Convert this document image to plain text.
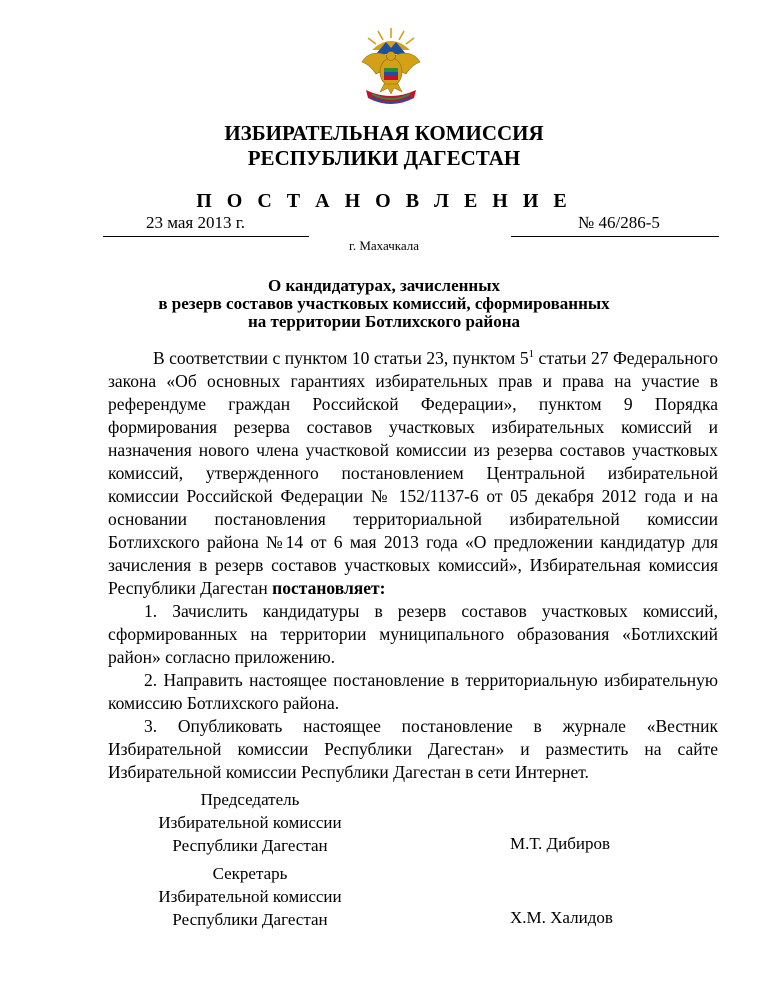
ИЗБИРАТЕЛЬНАЯ КОМИССИЯ
РЕСПУБЛИКИ ДАГЕСТАН
П О С Т А Н О В Л Е Н И Е
23 мая 2013 г.	№ 46/286-5
г. Махачкала
О кандидатурах, зачисленных
в резерв составов участковых комиссий, сформированных
на территории Ботлихского района

В соответствии с пунктом 10 статьи 23, пунктом $5^1$ статьи 27 Федерального закона «Об основных гарантиях избирательных прав и права на участие в референдуме граждан Российской Федерации», пунктом 9 Порядка формирования резерва составов участковых избирательных комиссий и назначения нового члена участковой комиссии из резерва составов участковых комиссий, утвержденного постановлением Центральной избирательной комиссии Российской Федерации № 152/1137-6 от 05 декабря 2012 года и на основании постановления территориальной избирательной комиссии Ботлихского района №14 от 6 мая 2013 года «О предложении кандидатур для зачисления в резерв составов участковых комиссий», Избирательная комиссия Республики Дагестан постановляет:

1. Зачислить кандидатуры в резерв составов участковых комиссий, сформированных на территории муниципального образования «Ботлихский район» согласно приложению.

2. Направить настоящее постановление в территориальную избирательную комиссию Ботлихского района.

3. Опубликовать настоящее постановление в журнале «Вестник Избирательной комиссии Республики Дагестан» и разместить на сайте Избирательной комиссии Республики Дагестан в сети Интернет.

Председатель
Избирательной комиссии
Республики Дагестан	М.Т. Дибиров
Секретарь
Избирательной комиссии
Республики Дагестан	Х.М. Халидов
